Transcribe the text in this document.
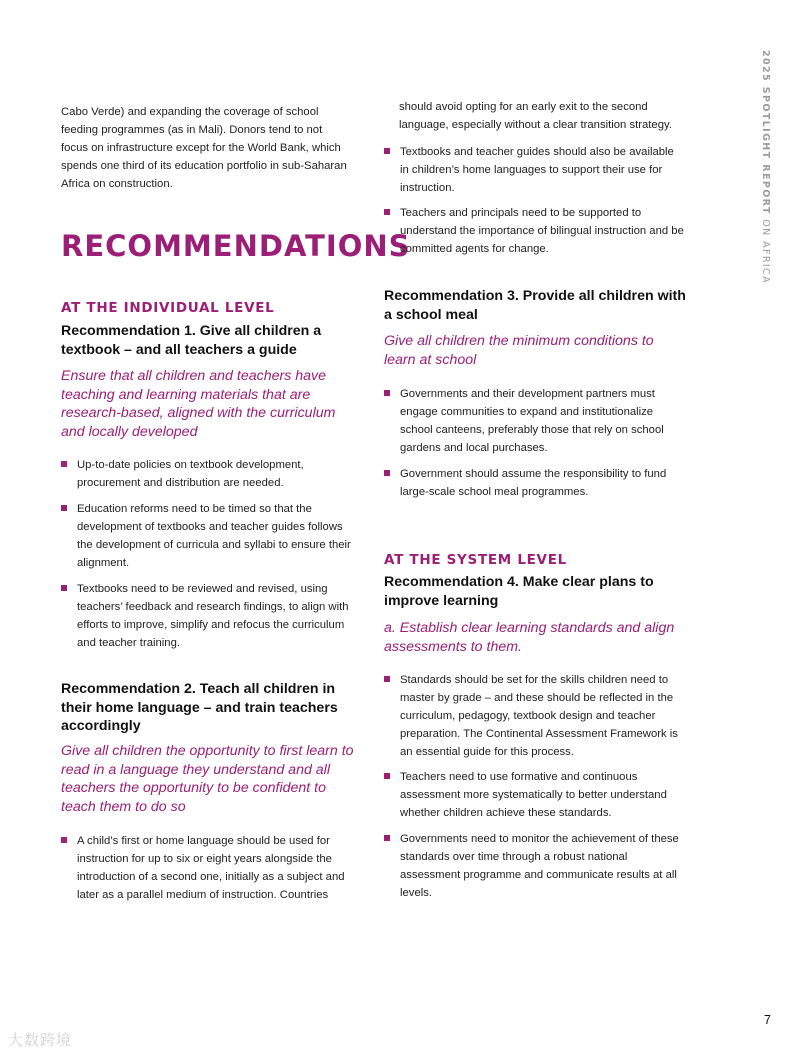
Cabo Verde) and expanding the coverage of school feeding programmes (as in Mali). Donors tend to not focus on infrastructure except for the World Bank, which spends one third of its education portfolio in sub-Saharan Africa on construction.

RECOMMENDATIONS
AT THE INDIVIDUAL LEVEL
Recommendation 1. Give all children a textbook – and all teachers a guide

Ensure that all children and teachers have teaching and learning materials that are research-based, aligned with the curriculum and locally developed

Up-to-date policies on textbook development, procurement and distribution are needed.
Education reforms need to be timed so that the development of textbooks and teacher guides follows the development of curricula and syllabi to ensure their alignment.
Textbooks need to be reviewed and revised, using teachers’ feedback and research findings, to align with efforts to improve, simplify and refocus the curriculum and teacher training.
Recommendation 2. Teach all children in their home language – and train teachers accordingly

Give all children the opportunity to first learn to read in a language they understand and all teachers the opportunity to be confident to teach them to do so

A child’s first or home language should be used for instruction for up to six or eight years alongside the introduction of a second one, initially as a subject and later as a parallel medium of instruction. Countries

should avoid opting for an early exit to the second language, especially without a clear transition strategy.

Textbooks and teacher guides should also be available in children’s home languages to support their use for instruction.
Teachers and principals need to be supported to understand the importance of bilingual instruction and be committed agents for change.
Recommendation 3. Provide all children with a school meal

Give all children the minimum conditions to learn at school

Governments and their development partners must engage communities to expand and institutionalize school canteens, preferably those that rely on school gardens and local purchases.
Government should assume the responsibility to fund large-scale school meal programmes.
AT THE SYSTEM LEVEL
Recommendation 4. Make clear plans to improve learning

a. Establish clear learning standards and align assessments to them.

Standards should be set for the skills children need to master by grade – and these should be reflected in the curriculum, pedagogy, textbook design and teacher preparation. The Continental Assessment Framework is an essential guide for this process.
Teachers need to use formative and continuous assessment more systematically to better understand whether children achieve these standards.
Governments need to monitor the achievement of these standards over time through a robust national assessment programme and communicate results at all levels.
2025 SPOTLIGHT REPORT ON AFRICA
7
大数跨境
